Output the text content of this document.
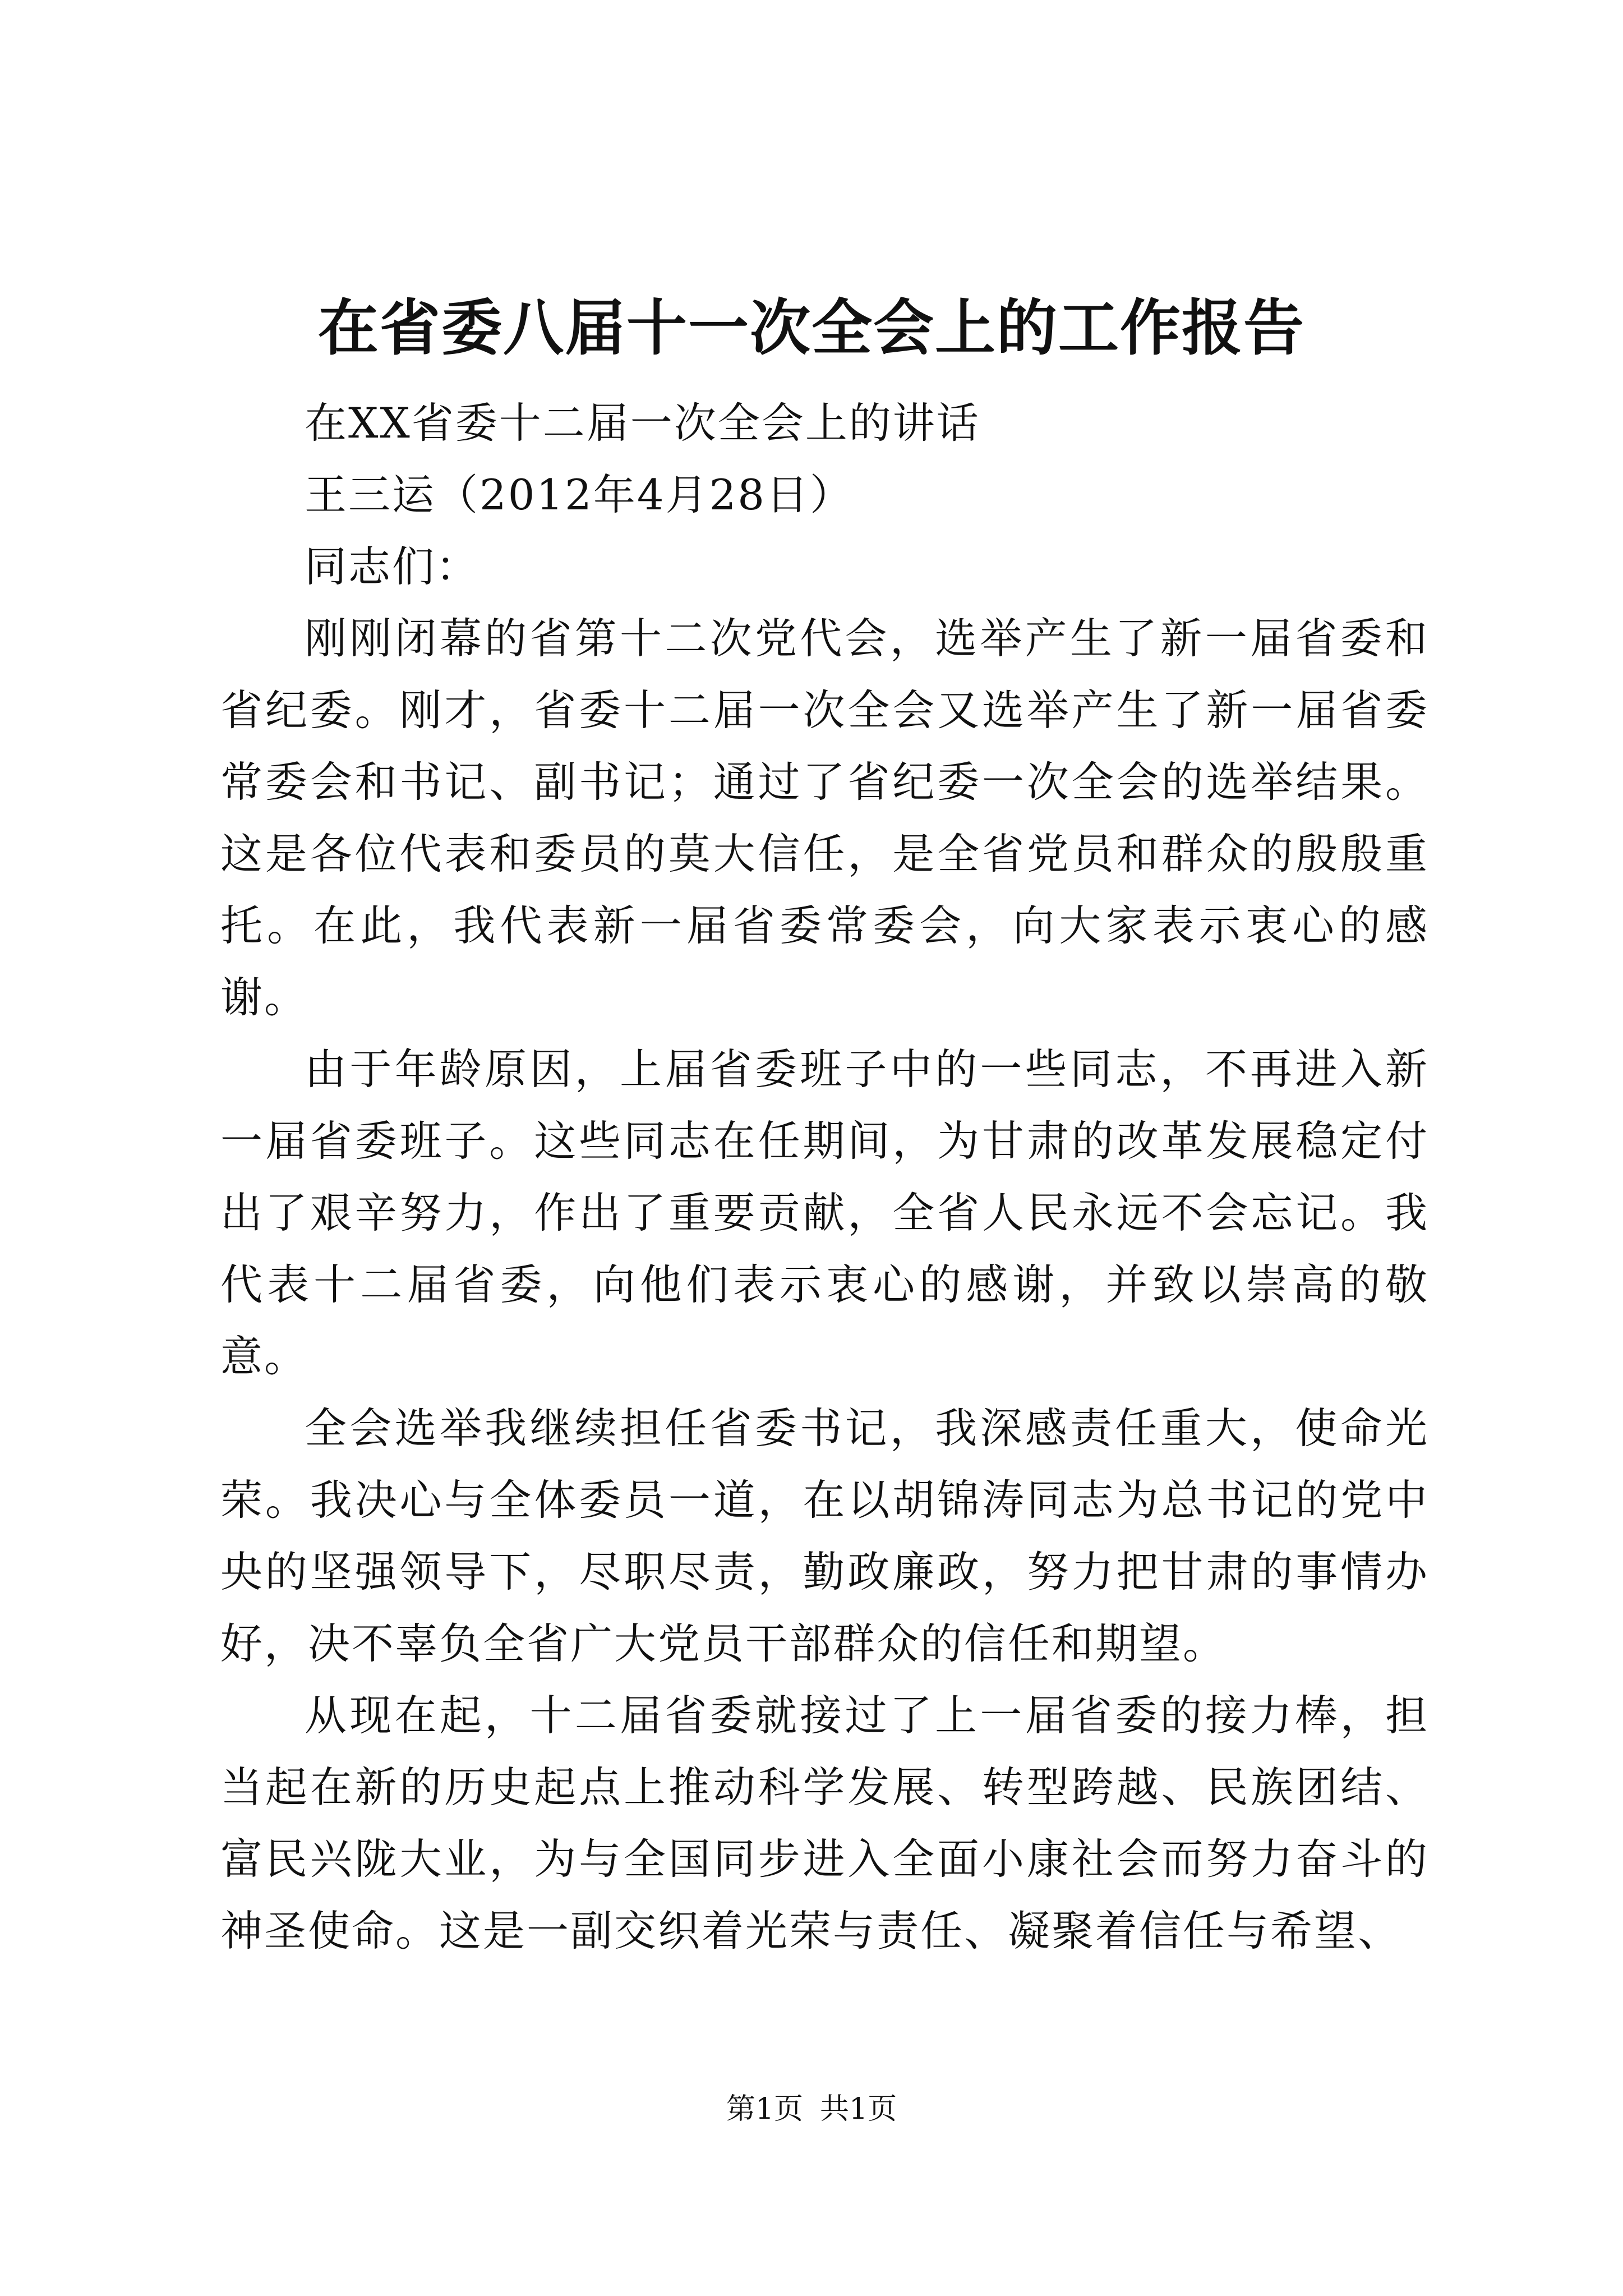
在省委八届十一次全会上的工作报告

在XX省委十二届一次全会上的讲话

王三运（2012年4月28日）

同志们：

刚刚闭幕的省第十二次党代会，选举产生了新一届省委和省纪委。刚才，省委十二届一次全会又选举产生了新一届省委常委会和书记、副书记；通过了省纪委一次全会的选举结果。这是各位代表和委员的莫大信任，是全省党员和群众的殷殷重托。在此，我代表新一届省委常委会，向大家表示衷心的感谢。

由于年龄原因，上届省委班子中的一些同志，不再进入新一届省委班子。这些同志在任期间，为甘肃的改革发展稳定付出了艰辛努力，作出了重要贡献，全省人民永远不会忘记。我代表十二届省委，向他们表示衷心的感谢，并致以崇高的敬意。

全会选举我继续担任省委书记，我深感责任重大，使命光荣。我决心与全体委员一道，在以胡锦涛同志为总书记的党中央的坚强领导下，尽职尽责，勤政廉政，努力把甘肃的事情办好，决不辜负全省广大党员干部群众的信任和期望。

从现在起，十二届省委就接过了上一届省委的接力棒，担当起在新的历史起点上推动科学发展、转型跨越、民族团结、富民兴陇大业，为与全国同步进入全面小康社会而努力奋斗的神圣使命。这是一副交织着光荣与责任、凝聚着信任与希望、

第1页 共1页
